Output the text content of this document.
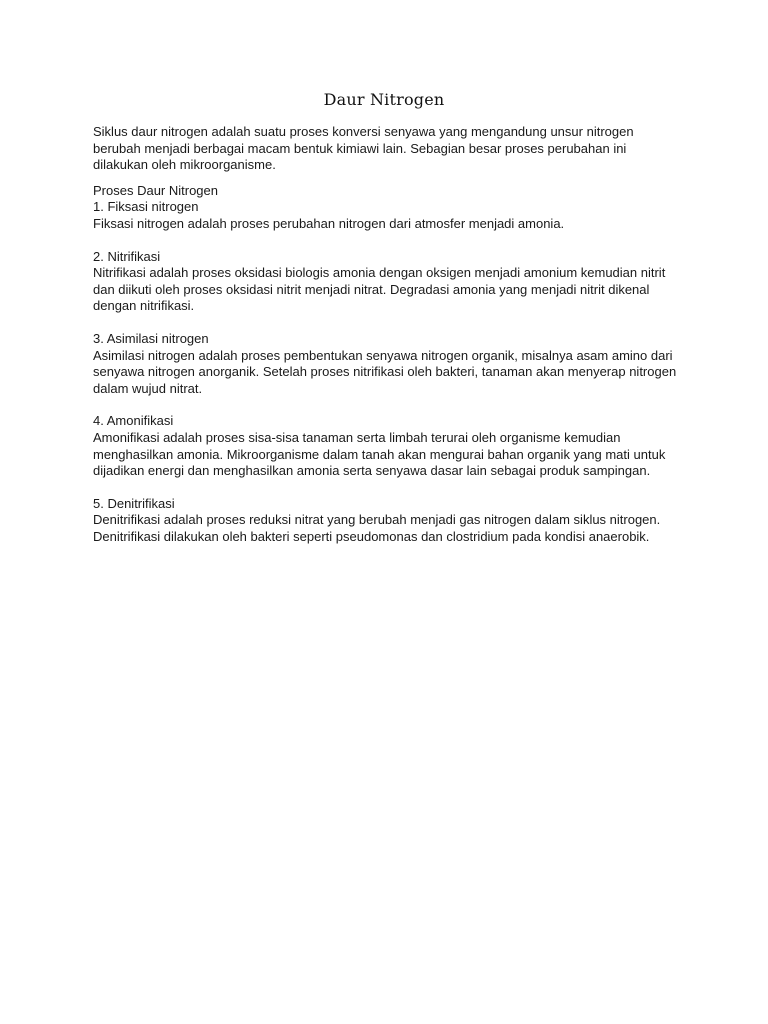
Daur Nitrogen

Siklus daur nitrogen adalah suatu proses konversi senyawa yang mengandung unsur nitrogen berubah menjadi berbagai macam bentuk kimiawi lain. Sebagian besar proses perubahan ini dilakukan oleh mikroorganisme.

Proses Daur Nitrogen

1. Fiksasi nitrogen

Fiksasi nitrogen adalah proses perubahan nitrogen dari atmosfer menjadi amonia.

2. Nitrifikasi

Nitrifikasi adalah proses oksidasi biologis amonia dengan oksigen menjadi amonium kemudian nitrit dan diikuti oleh proses oksidasi nitrit menjadi nitrat. Degradasi amonia yang menjadi nitrit dikenal dengan nitrifikasi.

3. Asimilasi nitrogen

Asimilasi nitrogen adalah proses pembentukan senyawa nitrogen organik, misalnya asam amino dari senyawa nitrogen anorganik. Setelah proses nitrifikasi oleh bakteri, tanaman akan menyerap nitrogen dalam wujud nitrat.

4. Amonifikasi

Amonifikasi adalah proses sisa-sisa tanaman serta limbah terurai oleh organisme kemudian menghasilkan amonia. Mikroorganisme dalam tanah akan mengurai bahan organik yang mati untuk dijadikan energi dan menghasilkan amonia serta senyawa dasar lain sebagai produk sampingan.

5. Denitrifikasi

Denitrifikasi adalah proses reduksi nitrat yang berubah menjadi gas nitrogen dalam siklus nitrogen. Denitrifikasi dilakukan oleh bakteri seperti pseudomonas dan clostridium pada kondisi anaerobik.
